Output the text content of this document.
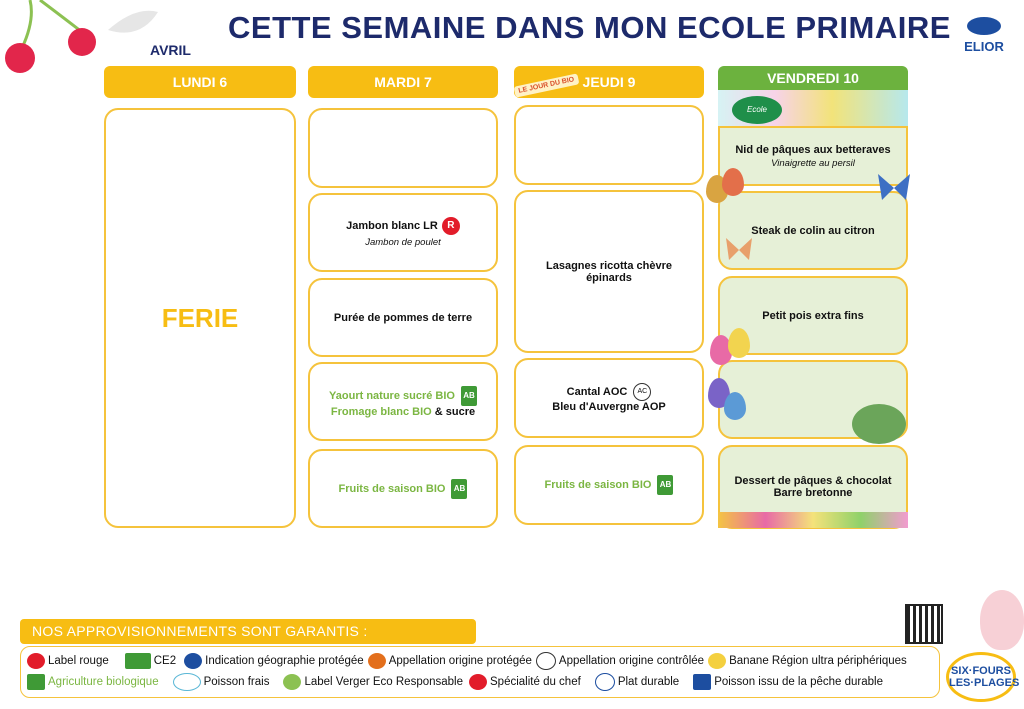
CETTE SEMAINE DANS MON ECOLE PRIMAIRE
AVRIL	ELIOR
LUNDI 6	MARDI 7	JEUDI 9	VENDREDI 10
LE JOUR DU BIO
Ecole
FERIE
Jambon blanc LR R
Jambon de poulet
Purée de pommes de terre
Yaourt nature sucré BIO AB
Fromage blanc BIO & sucre
Fruits de saison BIO AB
Lasagnes ricotta chèvre épinards
Cantal AOC AC
Bleu d'Auvergne AOP
Fruits de saison BIO AB
Nid de pâques aux betteraves
Vinaigrette au persil
Steak de colin au citron
Petit pois extra fins
Dessert de pâques & chocolat
Barre bretonne
NOS APPROVISIONNEMENTS SONT GARANTIS :
Label rouge	CE2	Indication géographie protégée Appellation origine protégée Appellation origine contrôlée Banane Région ultra périphériques
Agriculture biologique	Poisson frais	Label Verger Eco Responsable Spécialité du chef	Plat durable	Poisson issu de la pêche durable
SIX·FOURS
LES·PLAGES
